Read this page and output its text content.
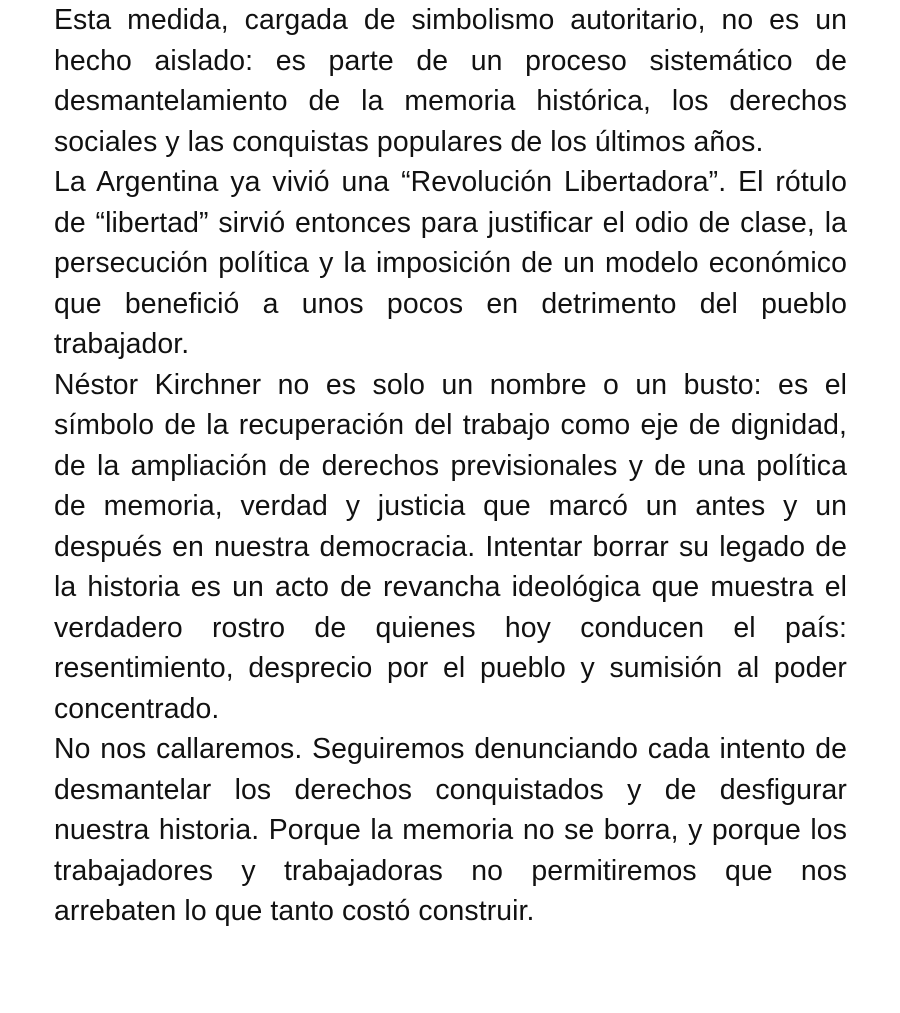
Esta medida, cargada de simbolismo autoritario, no es un hecho aislado: es parte de un proceso sistemático de desmantelamiento de la memoria histórica, los derechos sociales y las conquistas populares de los últimos años.

La Argentina ya vivió una “Revolución Libertadora”. El rótulo de “libertad” sirvió entonces para justificar el odio de clase, la persecución política y la imposición de un modelo económico que benefició a unos pocos en detrimento del pueblo trabajador.

Néstor Kirchner no es solo un nombre o un busto: es el símbolo de la recuperación del trabajo como eje de dignidad, de la ampliación de derechos previsionales y de una política de memoria, verdad y justicia que marcó un antes y un después en nuestra democracia. Intentar borrar su legado de la historia es un acto de revancha ideológica que muestra el verdadero rostro de quienes hoy conducen el país: resentimiento, desprecio por el pueblo y sumisión al poder concentrado.

No nos callaremos. Seguiremos denunciando cada intento de desmantelar los derechos conquistados y de desfigurar nuestra historia. Porque la memoria no se borra, y porque los trabajadores y trabajadoras no permitiremos que nos arrebaten lo que tanto costó construir.
